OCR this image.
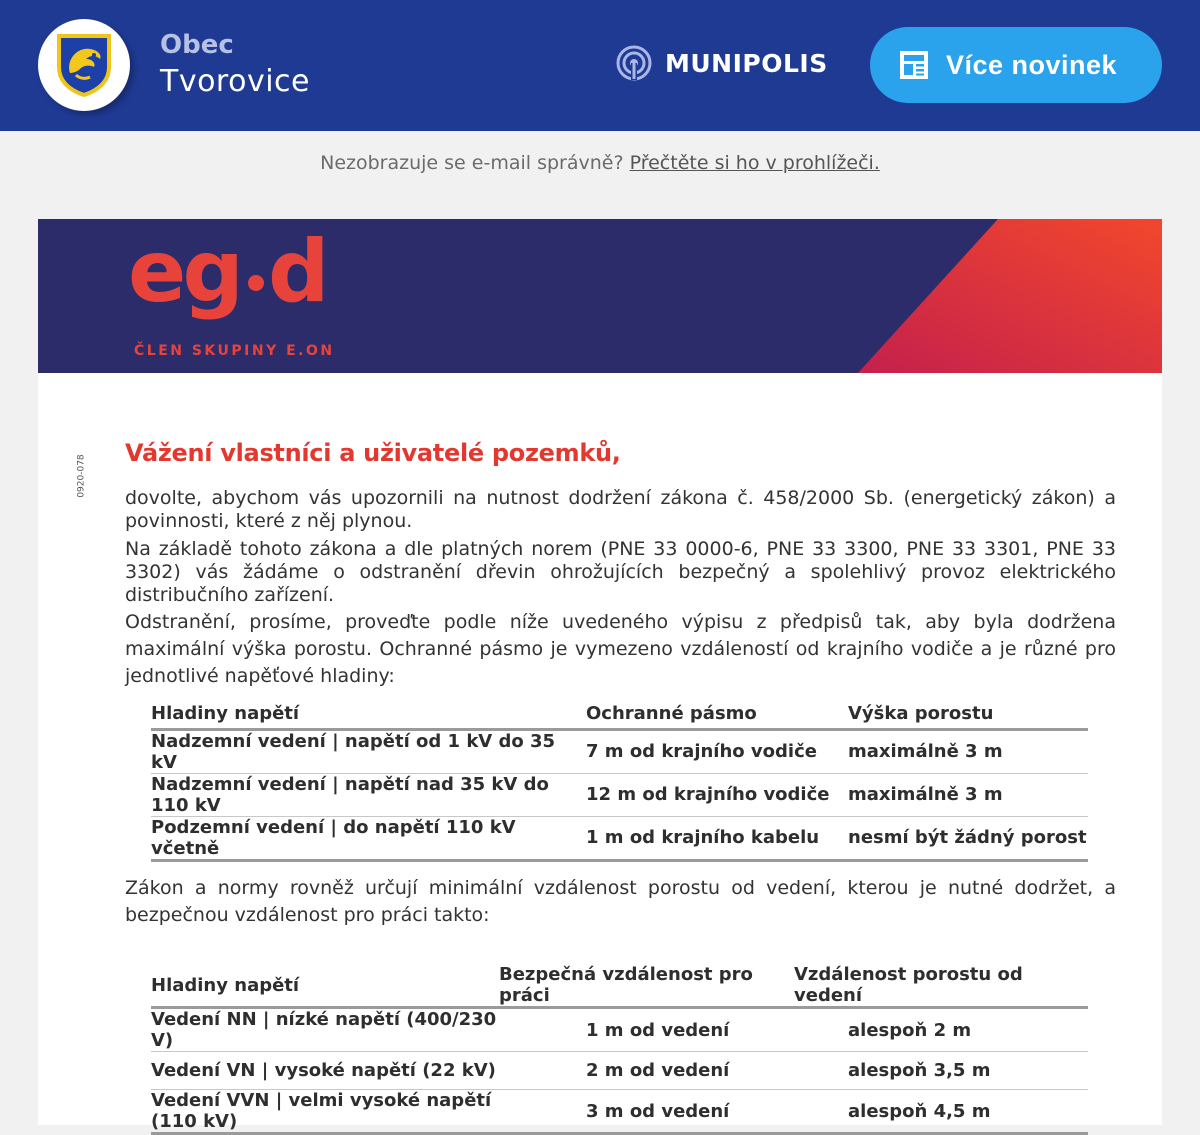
Obec
Tvorovice
MUNIPOLIS	Více novinek
Nezobrazuje se e-mail správně? Přečtěte si ho v prohlížeči.
eg d
ČLEN SKUPINY E.ON
0920-078
Vážení vlastníci a uživatelé pozemků,
dovolte, abychom vás upozornili na nutnost dodržení zákona č. 458/2000 Sb. (energetický zákon) a povinnosti, které z něj plynou.
Na základě tohoto zákona a dle platných norem (PNE 33 0000-6, PNE 33 3300, PNE 33 3301, PNE 33 3302) vás žádáme o odstranění dřevin ohrožujících bezpečný a spolehlivý provoz elektrického distribučního zařízení.
Odstranění, prosíme, proveďte podle níže uvedeného výpisu z předpisů tak, aby byla dodržena maximální výška porostu. Ochranné pásmo je vymezeno vzdáleností od krajního vodiče a je různé pro jednotlivé napěťové hladiny:
Hladiny napětí	Ochranné pásmo	Výška porostu
Nadzemní vedení | napětí od 1 kV do 35 kV	7 m od krajního vodiče	maximálně 3 m
Nadzemní vedení | napětí nad 35 kV do 110 kV	12 m od krajního vodiče	maximálně 3 m
Podzemní vedení | do napětí 110 kV včetně	1 m od krajního kabelu	nesmí být žádný porost
Zákon a normy rovněž určují minimální vzdálenost porostu od vedení, kterou je nutné dodržet, a bezpečnou vzdálenost pro práci takto:
Hladiny napětí	Bezpečná vzdálenost pro práci	Vzdálenost porostu od vedení
Vedení NN | nízké napětí (400/230 V)	1 m od vedení	alespoň 2 m
Vedení VN | vysoké napětí (22 kV)	2 m od vedení	alespoň 3,5 m
Vedení VVN | velmi vysoké napětí (110 kV)	3 m od vedení	alespoň 4,5 m
